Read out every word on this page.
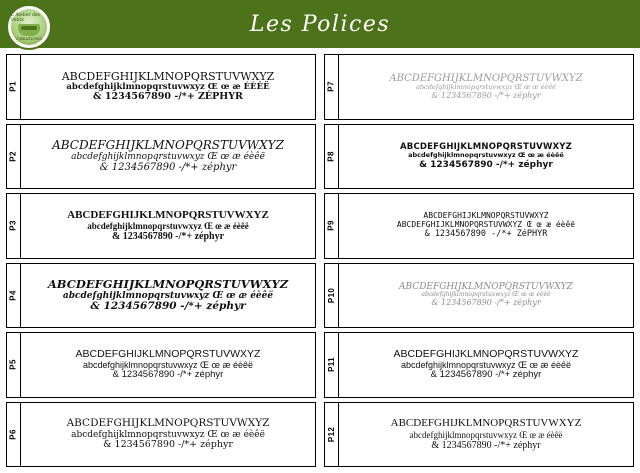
L'Atelier des Petits
CREATIONS
Les Polices
P1
ABCDEFGHIJKLMNOPQRSTUVWXYZ
abcdefghijklmnopqrstuvwxyz Œ œ æ ÉÈÊË
& 1234567890 -/*+ ZÉPHYR
P7
ABCDEFGHIJKLMNOPQRSTUVWXYZ
abcdefghijklmnopqrstuvwxyz Œ œ æ éèêë
& 1234567890 -/*+ zéphyr
P2
ABCDEFGHIJKLMNOPQRSTUVWXYZ
abcdefghijklmnopqrstuvwxyz Œ œ æ éèêë
& 1234567890 -/*+ zéphyr
P8
ABCDEFGHIJKLMNOPQRSTUVWXYZ
abcdefghijklmnopqrstuvwxyz Œ œ æ éèêë
& 1234567890 -/*+ zéphyr
P3
ABCDEFGHIJKLMNOPQRSTUVWXYZ
abcdefghijklmnopqrstuvwxyz Œ œ æ éèêë
& 1234567890 -/*+ zéphyr
P9
ABCDEFGHIJKLMNOPQRSTUVWXYZ
ABCDEFGHIJKLMNOPQRSTUVWXYZ Œ œ æ éèêë
& 1234567890 -/*+ ZéPHYR
P4
ABCDEFGHIJKLMNOPQRSTUVWXYZ
abcdefghijklmnopqrstuvwxyz Œ œ æ éèêë
& 1234567890 -/*+ zéphyr
P10
ABCDEFGHIJKLMNOPQRSTUVWXYZ
abcdefghijklmnopqrstuvwxyz Œ œ æ éèêë
& 1234567890 -/*+ zéphyr
P5
ABCDEFGHIJKLMNOPQRSTUVWXYZ
abcdefghijklmnopqrstuvwxyz Œ œ æ éèêë
& 1234567890 -/*+ zéphyr
P11
ABCDEFGHIJKLMNOPQRSTUVWXYZ
abcdefghijklmnopqrstuvwxyz Œ œ æ éèêë
& 1234567890 -/*+ zéphyr
P6
ABCDEFGHIJKLMNOPQRSTUVWXYZ
abcdefghijklmnopqrstuvwxyz Œ œ æ éèêë
& 1234567890 -/*+ zéphyr
P12
ABCDEFGHIJKLMNOPQRSTUVWXYZ
abcdefghijklmnopqrstuvwxyz Œ œ æ éèêë
& 1234567890 -/*+ zéphyr
